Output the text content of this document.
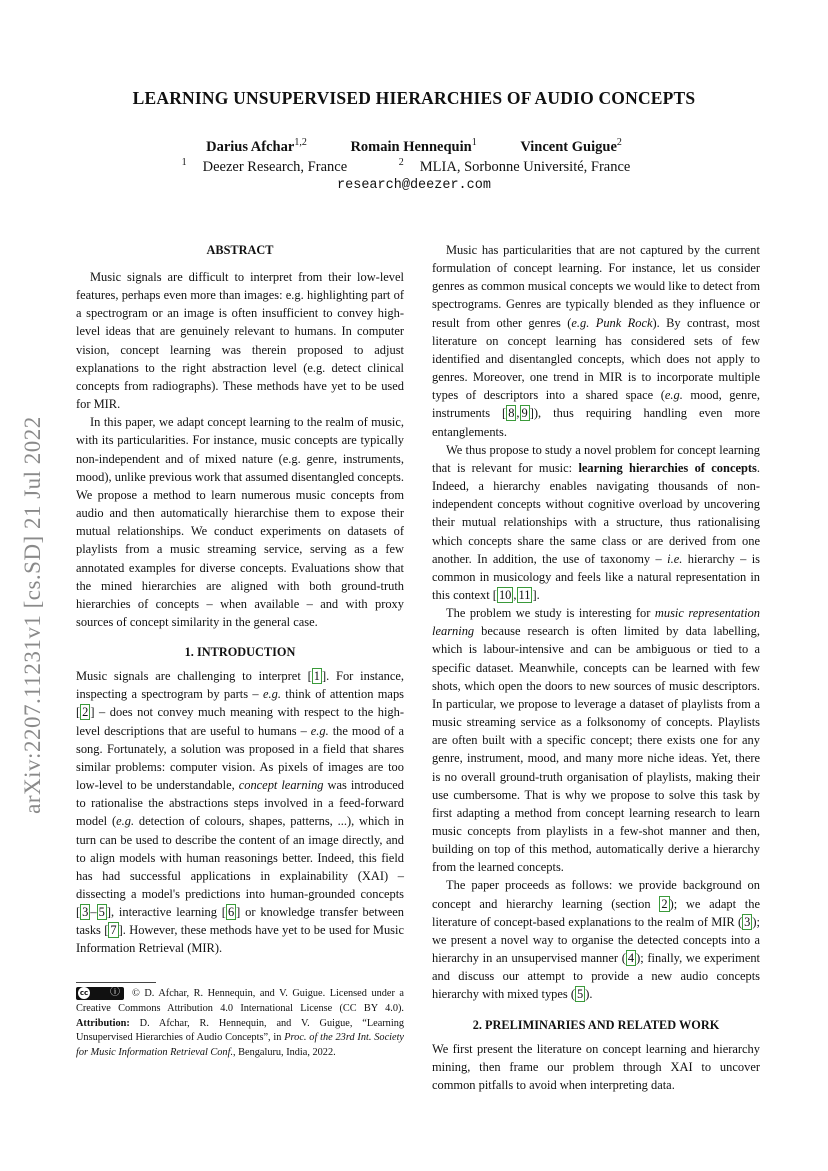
arXiv:2207.11231v1 [cs.SD] 21 Jul 2022
LEARNING UNSUPERVISED HIERARCHIES OF AUDIO CONCEPTS
Darius Afchar$^{1,2}$	Romain Hennequin$^1$	Vincent Guigue$^2$
$^1$ Deezer Research, France	$^2$ MLIA, Sorbonne Université, France
research@deezer.com
ABSTRACT

Music signals are difficult to interpret from their low-level features, perhaps even more than images: e.g. highlighting part of a spectrogram or an image is often insufficient to convey high-level ideas that are genuinely relevant to humans. In computer vision, concept learning was therein proposed to adjust explanations to the right abstraction level (e.g. detect clinical concepts from radiographs). These methods have yet to be used for MIR.

In this paper, we adapt concept learning to the realm of music, with its particularities. For instance, music concepts are typically non-independent and of mixed nature (e.g. genre, instruments, mood), unlike previous work that assumed disentangled concepts. We propose a method to learn numerous music concepts from audio and then automatically hierarchise them to expose their mutual relationships. We conduct experiments on datasets of playlists from a music streaming service, serving as a few annotated examples for diverse concepts. Evaluations show that the mined hierarchies are aligned with both ground-truth hierarchies of concepts – when available – and with proxy sources of concept similarity in the general case.

1. INTRODUCTION

Music signals are challenging to interpret [ 1 ]. For instance, inspecting a spectrogram by parts – e.g. think of attention maps [ 2 ] – does not convey much meaning with respect to the high-level descriptions that are useful to humans – e.g. the mood of a song. Fortunately, a solution was proposed in a field that shares similar problems: computer vision. As pixels of images are too low-level to be understandable, concept learning was introduced to rationalise the abstractions steps involved in a feed-forward model (e.g. detection of colours, shapes, patterns, ...), which in turn can be used to describe the content of an image directly, and to align models with human reasonings better. Indeed, this field has had successful applications in explainability (XAI) – dissecting a model's predictions into human-grounded concepts [ 3 – 5 ], interactive learning [ 6 ] or knowledge transfer between tasks [ 7 ]. However, these methods have yet to be used for Music Information Retrieval (MIR).

cc ⓘ© D. Afchar, R. Hennequin, and V. Guigue. Licensed under a Creative Commons Attribution 4.0 International License (CC BY 4.0). Attribution: D. Afchar, R. Hennequin, and V. Guigue, “Learning Unsupervised Hierarchies of Audio Concepts”, in Proc. of the 23rd Int. Society for Music Information Retrieval Conf., Bengaluru, India, 2022.

Music has particularities that are not captured by the current formulation of concept learning. For instance, let us consider genres as common musical concepts we would like to detect from spectrograms. Genres are typically blended as they influence or result from other genres (e.g. Punk Rock). By contrast, most literature on concept learning has considered sets of few identified and disentangled concepts, which does not apply to genres. Moreover, one trend in MIR is to incorporate multiple types of descriptors into a shared space (e.g. mood, genre, instruments [ 8 , 9 ]), thus requiring handling even more entanglements.

We thus propose to study a novel problem for concept learning that is relevant for music: learning hierarchies of concepts. Indeed, a hierarchy enables navigating thousands of non-independent concepts without cognitive overload by uncovering their mutual relationships with a structure, thus rationalising which concepts share the same class or are derived from one another. In addition, the use of taxonomy – i.e. hierarchy – is common in musicology and feels like a natural representation in this context [ 10 , 11 ].

The problem we study is interesting for music representation learning because research is often limited by data labelling, which is labour-intensive and can be ambiguous or tied to a specific dataset. Meanwhile, concepts can be learned with few shots, which open the doors to new sources of music descriptors. In particular, we propose to leverage a dataset of playlists from a music streaming service as a folksonomy of concepts. Playlists are often built with a specific concept; there exists one for any genre, instrument, mood, and many more niche ideas. Yet, there is no overall ground-truth organisation of playlists, making their use cumbersome. That is why we propose to solve this task by first adapting a method from concept learning research to learn music concepts from playlists in a few-shot manner and then, building on top of this method, automatically derive a hierarchy from the learned concepts.

The paper proceeds as follows: we provide background on concept and hierarchy learning (section 2 ); we adapt the literature of concept-based explanations to the realm of MIR ( 3 ); we present a novel way to organise the detected concepts into a hierarchy in an unsupervised manner ( 4 ); finally, we experiment and discuss our attempt to provide a new audio concepts hierarchy with mixed types ( 5 ).

2. PRELIMINARIES AND RELATED WORK

We first present the literature on concept learning and hierarchy mining, then frame our problem through XAI to uncover common pitfalls to avoid when interpreting data.
